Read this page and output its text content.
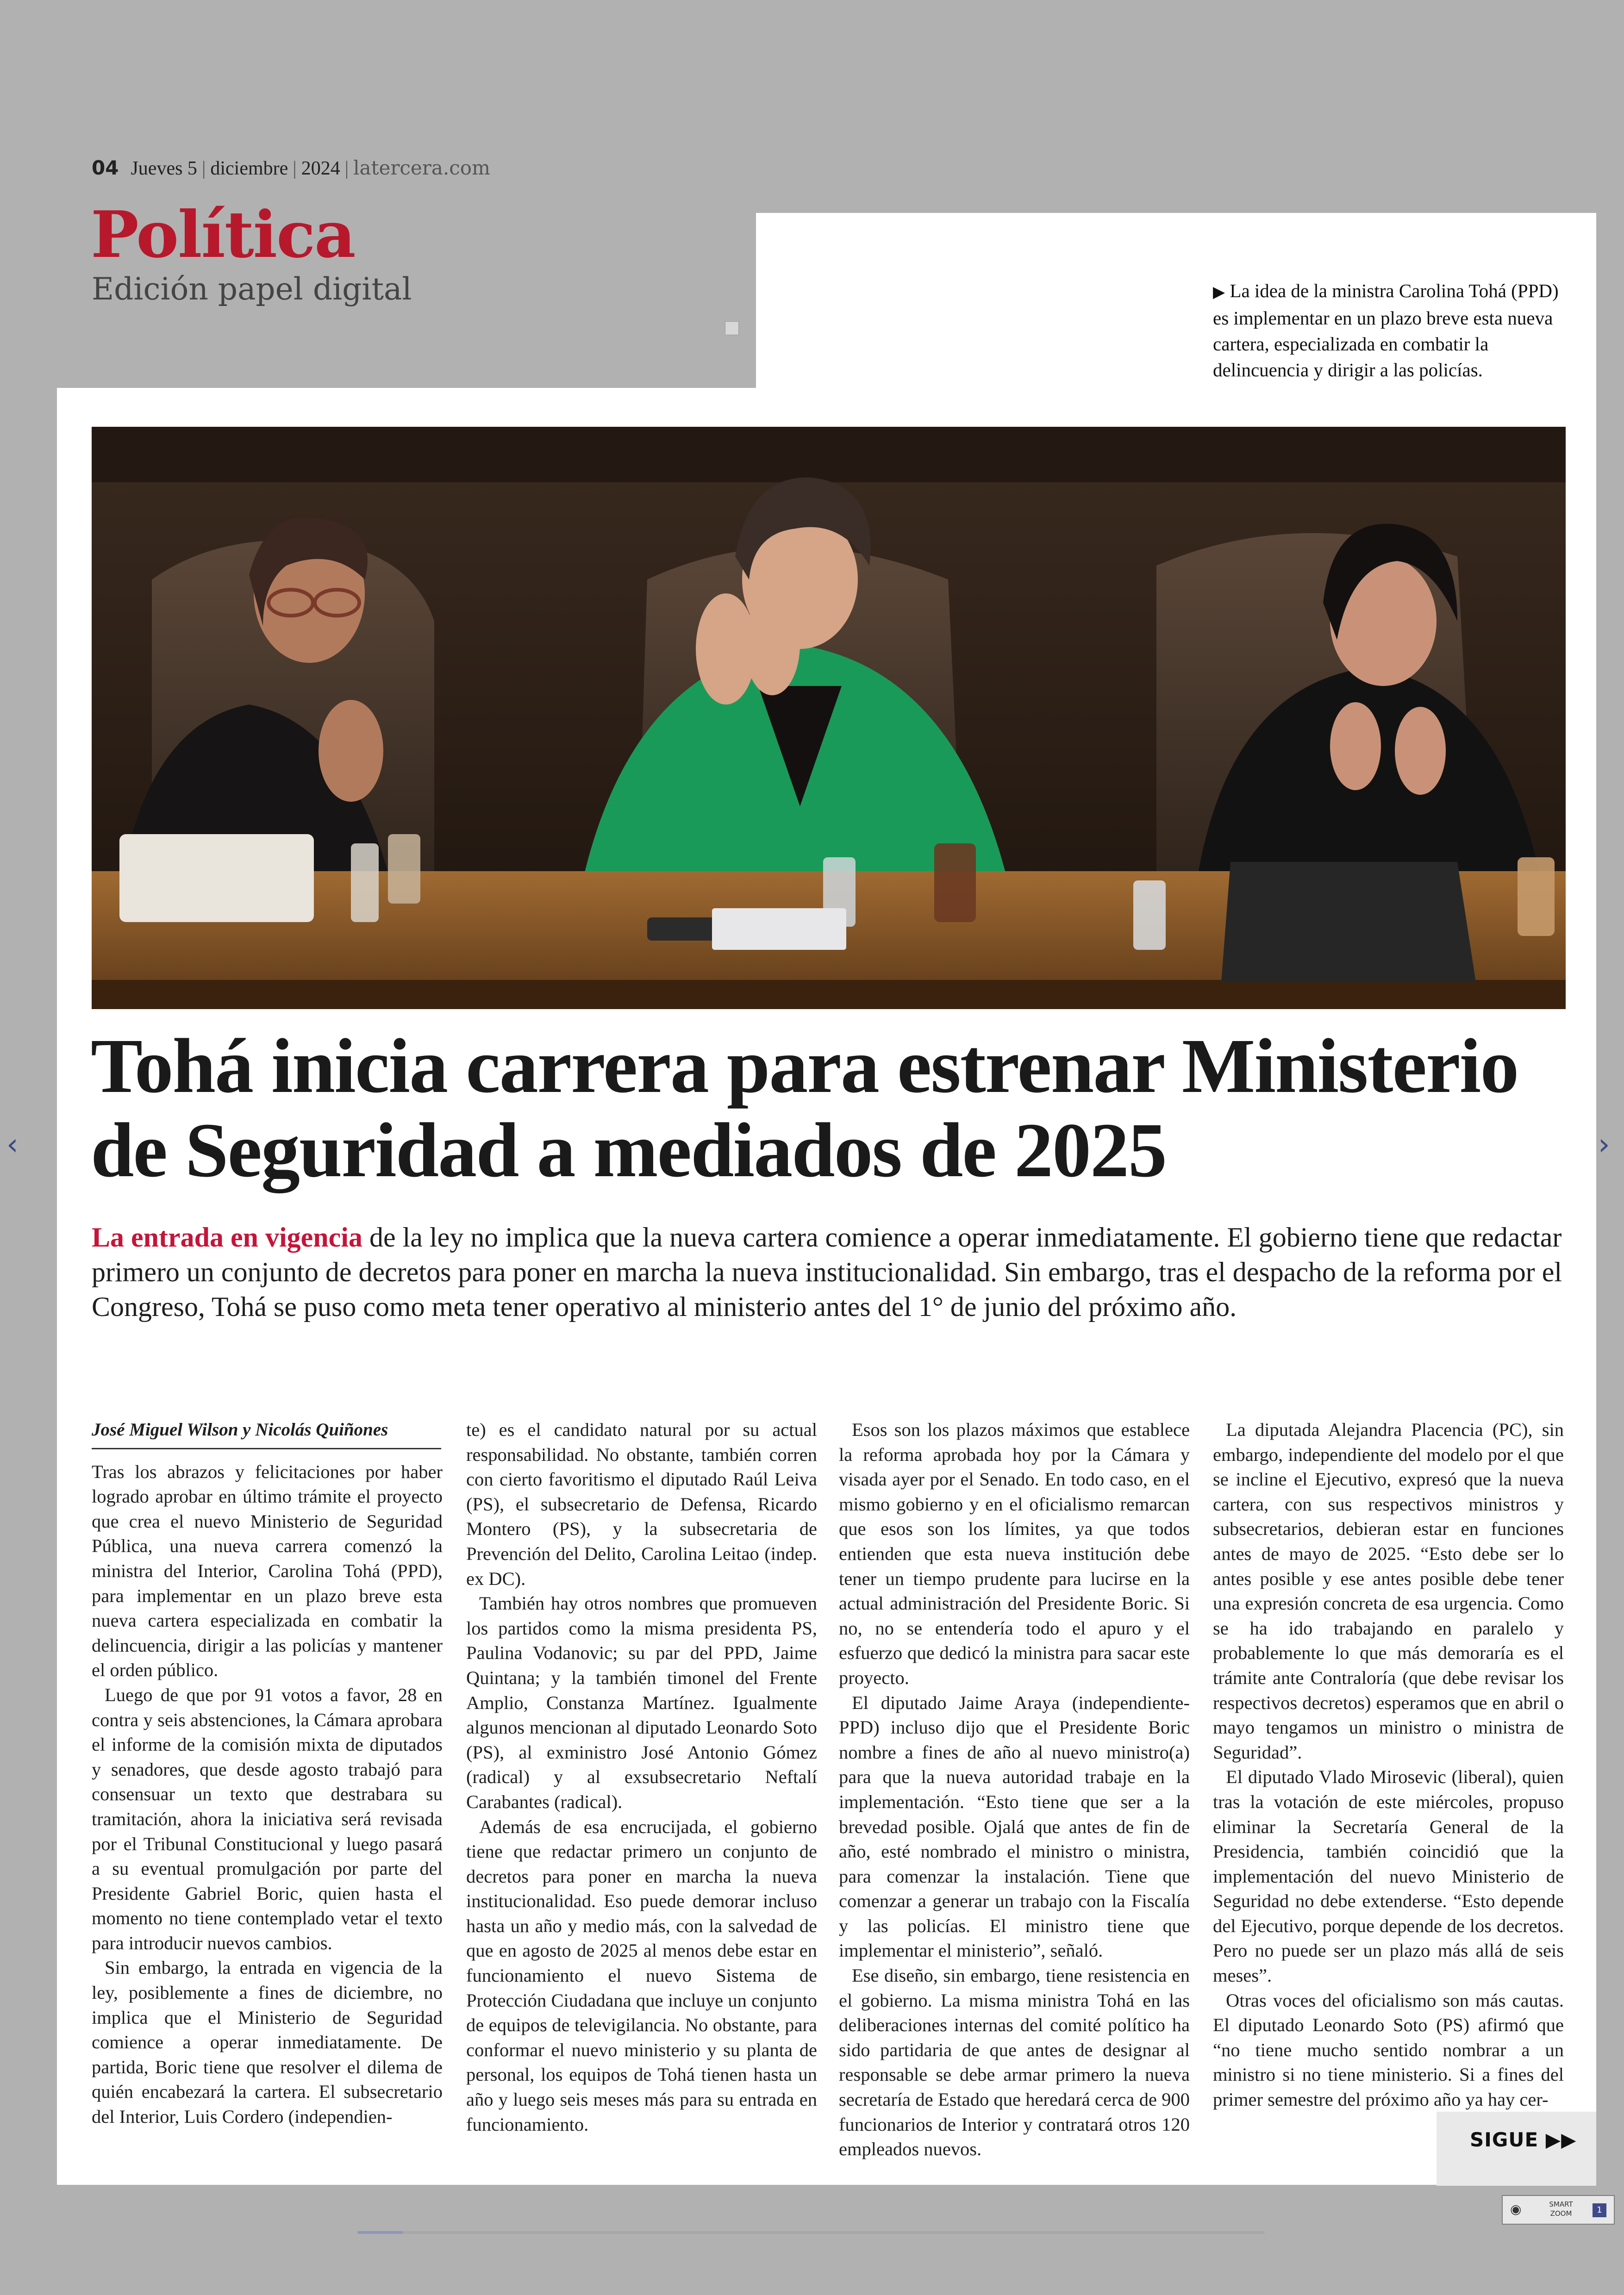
04 Jueves 5 | diciembre | 2024 | latercera.com
Política
Edición papel digital	▶ La idea de la ministra Carolina Tohá (PPD) es implementar en un plazo breve esta nueva cartera, especializada en combatir la delincuencia y dirigir a las policías.
Tohá inicia carrera para estrenar Ministerio
de Seguridad a mediados de 2025
La entrada en vigencia de la ley no implica que la nueva cartera comience a operar inmediatamente. El gobierno tiene que redactar primero un conjunto de decretos para poner en marcha la nueva institucionalidad. Sin embargo, tras el despacho de la reforma por el Congreso, Tohá se puso como meta tener operativo al ministerio antes del 1° de junio del próximo año.
José Miguel Wilson y Nicolás Quiñones

Tras los abrazos y felicitaciones por haber logrado aprobar en último trámite el proyecto que crea el nuevo Ministerio de Seguridad Pública, una nueva carrera comenzó la ministra del Interior, Carolina Tohá (PPD), para implementar en un plazo breve esta nueva cartera especializada en combatir la delincuencia, dirigir a las policías y mantener el orden público.

Luego de que por 91 votos a favor, 28 en contra y seis abstenciones, la Cámara aprobara el informe de la comisión mixta de diputados y senadores, que desde agosto trabajó para consensuar un texto que destrabara su tramitación, ahora la iniciativa será revisada por el Tribunal Constitucional y luego pasará a su eventual promulgación por parte del Presidente Gabriel Boric, quien hasta el momento no tiene contemplado vetar el texto para introducir nuevos cambios.

Sin embargo, la entrada en vigencia de la ley, posiblemente a fines de diciembre, no implica que el Ministerio de Seguridad comience a operar inmediatamente. De partida, Boric tiene que resolver el dilema de quién encabezará la cartera. El subsecretario del Interior, Luis Cordero (independien-

te) es el candidato natural por su actual responsabilidad. No obstante, también corren con cierto favoritismo el diputado Raúl Leiva (PS), el subsecretario de Defensa, Ricardo Montero (PS), y la subsecretaria de Prevención del Delito, Carolina Leitao (indep. ex DC).

También hay otros nombres que promueven los partidos como la misma presidenta PS, Paulina Vodanovic; su par del PPD, Jaime Quintana; y la también timonel del Frente Amplio, Constanza Martínez. Igualmente algunos mencionan al diputado Leonardo Soto (PS), al exministro José Antonio Gómez (radical) y al exsubsecretario Neftalí Carabantes (radical).

Además de esa encrucijada, el gobierno tiene que redactar primero un conjunto de decretos para poner en marcha la nueva institucionalidad. Eso puede demorar incluso hasta un año y medio más, con la salvedad de que en agosto de 2025 al menos debe estar en funcionamiento el nuevo Sistema de Protección Ciudadana que incluye un conjunto de equipos de televigilancia. No obstante, para conformar el nuevo ministerio y su planta de personal, los equipos de Tohá tienen hasta un año y luego seis meses más para su entrada en funcionamiento.

Esos son los plazos máximos que establece la reforma aprobada hoy por la Cámara y visada ayer por el Senado. En todo caso, en el mismo gobierno y en el oficialismo remarcan que esos son los límites, ya que todos entienden que esta nueva institución debe tener un tiempo prudente para lucirse en la actual administración del Presidente Boric. Si no, no se entendería todo el apuro y el esfuerzo que dedicó la ministra para sacar este proyecto.

El diputado Jaime Araya (independiente-PPD) incluso dijo que el Presidente Boric nombre a fines de año al nuevo ministro(a) para que la nueva autoridad trabaje en la implementación. “Esto tiene que ser a la brevedad posible. Ojalá que antes de fin de año, esté nombrado el ministro o ministra, para comenzar la instalación. Tiene que comenzar a generar un trabajo con la Fiscalía y las policías. El ministro tiene que implementar el ministerio”, señaló.

Ese diseño, sin embargo, tiene resistencia en el gobierno. La misma ministra Tohá en las deliberaciones internas del comité político ha sido partidaria de que antes de designar al responsable se debe armar primero la nueva secretaría de Estado que heredará cerca de 900 funcionarios de Interior y contratará otros 120 empleados nuevos.

La diputada Alejandra Placencia (PC), sin embargo, independiente del modelo por el que se incline el Ejecutivo, expresó que la nueva cartera, con sus respectivos ministros y subsecretarios, debieran estar en funciones antes de mayo de 2025. “Esto debe ser lo antes posible y ese antes posible debe tener una expresión concreta de esa urgencia. Como se ha ido trabajando en paralelo y probablemente lo que más demoraría es el trámite ante Contraloría (que debe revisar los respectivos decretos) esperamos que en abril o mayo tengamos un ministro o ministra de Seguridad”.

El diputado Vlado Mirosevic (liberal), quien tras la votación de este miércoles, propuso eliminar la Secretaría General de la Presidencia, también coincidió que la implementación del nuevo Ministerio de Seguridad no debe extenderse. “Esto depende del Ejecutivo, porque depende de los decretos. Pero no puede ser un plazo más allá de seis meses”.

Otras voces del oficialismo son más cautas. El diputado Leonardo Soto (PS) afirmó que “no tiene mucho sentido nombrar a un ministro si no tiene ministerio. Si a fines del primer semestre del próximo año ya hay cer-

SIGUE ▶▶
‹	›
◉	SMART ZOOM	1
